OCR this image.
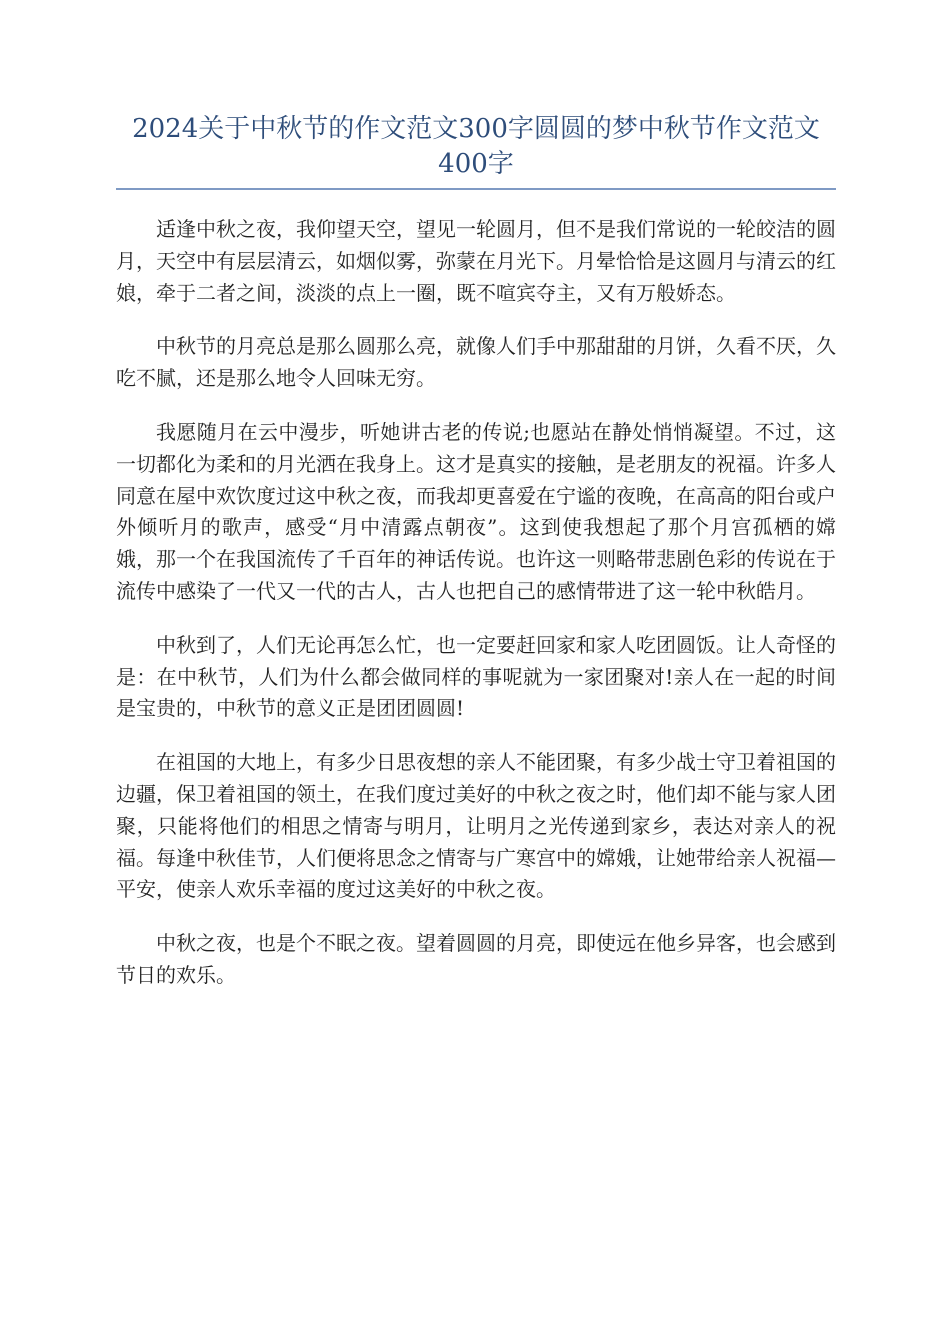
2024关于中秋节的作文范文300字圆圆的梦中秋节作文范文400字

适逢中秋之夜，我仰望天空，望见一轮圆月，但不是我们常说的一轮皎洁的圆月，天空中有层层清云，如烟似雾，弥蒙在月光下。月晕恰恰是这圆月与清云的红娘，牵于二者之间，淡淡的点上一圈，既不喧宾夺主，又有万般娇态。

中秋节的月亮总是那么圆那么亮，就像人们手中那甜甜的月饼，久看不厌，久吃不腻，还是那么地令人回味无穷。

我愿随月在云中漫步，听她讲古老的传说;也愿站在静处悄悄凝望。不过，这一切都化为柔和的月光洒在我身上。这才是真实的接触，是老朋友的祝福。许多人同意在屋中欢饮度过这中秋之夜，而我却更喜爱在宁谧的夜晚，在高高的阳台或户外倾听月的歌声，感受“月中清露点朝夜”。这到使我想起了那个月宫孤栖的嫦娥，那一个在我国流传了千百年的神话传说。也许这一则略带悲剧色彩的传说在于流传中感染了一代又一代的古人，古人也把自己的感情带进了这一轮中秋皓月。

中秋到了，人们无论再怎么忙，也一定要赶回家和家人吃团圆饭。让人奇怪的是：在中秋节，人们为什么都会做同样的事呢就为一家团聚对!亲人在一起的时间是宝贵的，中秋节的意义正是团团圆圆!

在祖国的大地上，有多少日思夜想的亲人不能团聚，有多少战士守卫着祖国的边疆，保卫着祖国的领土，在我们度过美好的中秋之夜之时，他们却不能与家人团聚，只能将他们的相思之情寄与明月，让明月之光传递到家乡，表达对亲人的祝福。每逢中秋佳节，人们便将思念之情寄与广寒宫中的嫦娥，让她带给亲人祝福—平安，使亲人欢乐幸福的度过这美好的中秋之夜。

中秋之夜，也是个不眠之夜。望着圆圆的月亮，即使远在他乡异客，也会感到节日的欢乐。
